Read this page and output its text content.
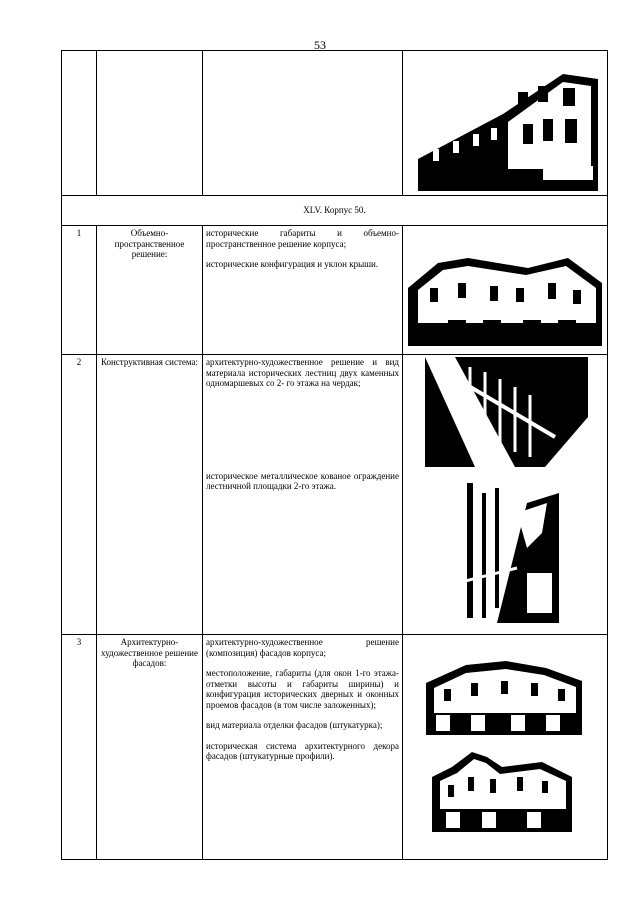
53

XLV. Корпус 50.			
1	Объемно-пространственное решение:	исторические габариты и объемно-пространственное решение корпуса;

исторические конфигурация и уклон крыши.

2	Конструктивная система:	архитектурно-художественное решение и вид материала исторических лестниц двух каменных одномаршевых со 2- го этажа на чердак;

историческое металлическое кованое ограждение лестничной площадки 2-го этажа.

3	Архитектурно-художественное решение фасадов:	архитектурно-художественное решение (композиция) фасадов корпуса;

местоположение, габариты (для окон 1-го этажа-отметки высоты и габариты ширины) и конфигурация исторических дверных и оконных проемов фасадов (в том числе заложенных);

вид материала отделки фасадов (штукатурка);

историческая система архитектурного декора фасадов (штукатурные профили).
